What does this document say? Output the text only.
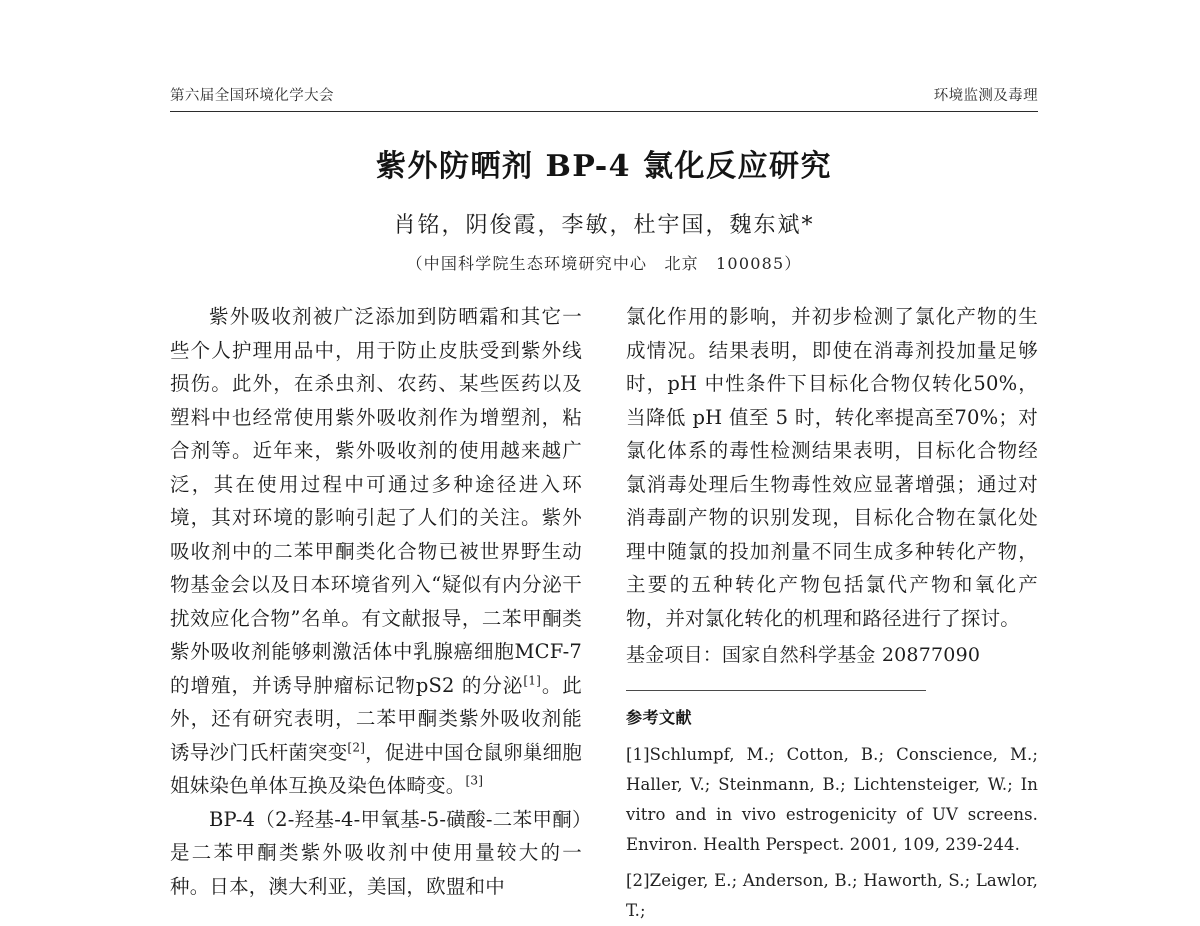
第六届全国环境化学大会	环境监测及毒理
紫外防晒剂 BP-4 氯化反应研究
肖铭，阴俊霞，李敏，杜宇国，魏东斌*
（中国科学院生态环境研究中心　北京　100085）

紫外吸收剂被广泛添加到防晒霜和其它一些个人护理用品中，用于防止皮肤受到紫外线损伤。此外，在杀虫剂、农药、某些医药以及塑料中也经常使用紫外吸收剂作为增塑剂，粘合剂等。近年来，紫外吸收剂的使用越来越广泛，其在使用过程中可通过多种途径进入环境，其对环境的影响引起了人们的关注。紫外吸收剂中的二苯甲酮类化合物已被世界野生动物基金会以及日本环境省列入“疑似有内分泌干扰效应化合物”名单。有文献报导，二苯甲酮类紫外吸收剂能够刺激活体中乳腺癌细胞MCF-7 的增殖，并诱导肿瘤标记物pS2 的分泌[1]。此外，还有研究表明，二苯甲酮类紫外吸收剂能诱导沙门氏杆菌突变[2]，促进中国仓鼠卵巢细胞姐妹染色单体互换及染色体畸变。[3]

BP-4（2-羟基-4-甲氧基-5-磺酸-二苯甲酮）是二苯甲酮类紫外吸收剂中使用量较大的一种。日本，澳大利亚，美国，欧盟和中

氯化作用的影响，并初步检测了氯化产物的生成情况。结果表明，即使在消毒剂投加量足够时，pH 中性条件下目标化合物仅转化50%，当降低 pH 值至 5 时，转化率提高至70%；对氯化体系的毒性检测结果表明，目标化合物经氯消毒处理后生物毒性效应显著增强；通过对消毒副产物的识别发现，目标化合物在氯化处理中随氯的投加剂量不同生成多种转化产物，主要的五种转化产物包括氯代产物和氧化产物，并对氯化转化的机理和路径进行了探讨。

基金项目：国家自然科学基金 20877090

参考文献

[1]Schlumpf, M.; Cotton, B.; Conscience, M.; Haller, V.; Steinmann, B.; Lichtensteiger, W.; In vitro and in vivo estrogenicity of UV screens. Environ. Health Perspect. 2001, 109, 239-244.

[2]Zeiger, E.; Anderson, B.; Haworth, S.; Lawlor, T.;
